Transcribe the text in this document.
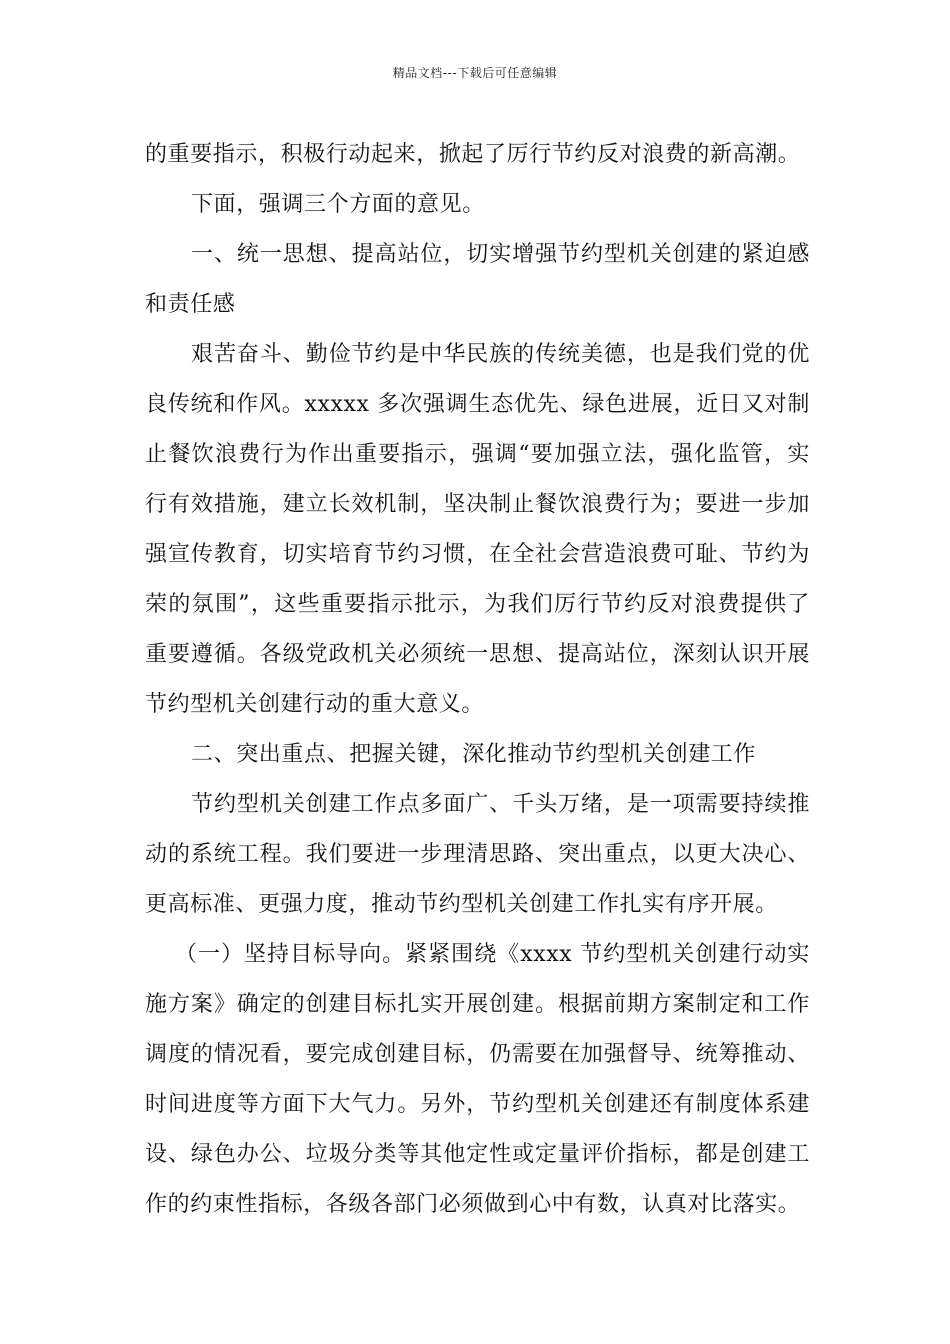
精品文档---下载后可任意编辑
的重要指示，积极行动起来，掀起了厉行节约反对浪费的新高潮。
下面，强调三个方面的意见。
一、统一思想、提高站位，切实增强节约型机关创建的紧迫感
和责任感
艰苦奋斗、勤俭节约是中华民族的传统美德，也是我们党的优
良传统和作风。xxxxx 多次强调生态优先、绿色进展，近日又对制
止餐饮浪费行为作出重要指示，强调“要加强立法，强化监管，实
行有效措施，建立长效机制，坚决制止餐饮浪费行为；要进一步加
强宣传教育，切实培育节约习惯，在全社会营造浪费可耻、节约为
荣的氛围”，这些重要指示批示，为我们厉行节约反对浪费提供了
重要遵循。各级党政机关必须统一思想、提高站位，深刻认识开展
节约型机关创建行动的重大意义。
二、突出重点、把握关键，深化推动节约型机关创建工作
节约型机关创建工作点多面广、千头万绪，是一项需要持续推
动的系统工程。我们要进一步理清思路、突出重点，以更大决心、
更高标准、更强力度，推动节约型机关创建工作扎实有序开展。
（一）坚持目标导向。紧紧围绕《xxxx 节约型机关创建行动实
施方案》确定的创建目标扎实开展创建。根据前期方案制定和工作
调度的情况看，要完成创建目标，仍需要在加强督导、统筹推动、
时间进度等方面下大气力。另外，节约型机关创建还有制度体系建
设、绿色办公、垃圾分类等其他定性或定量评价指标，都是创建工
作的约束性指标，各级各部门必须做到心中有数，认真对比落实。
